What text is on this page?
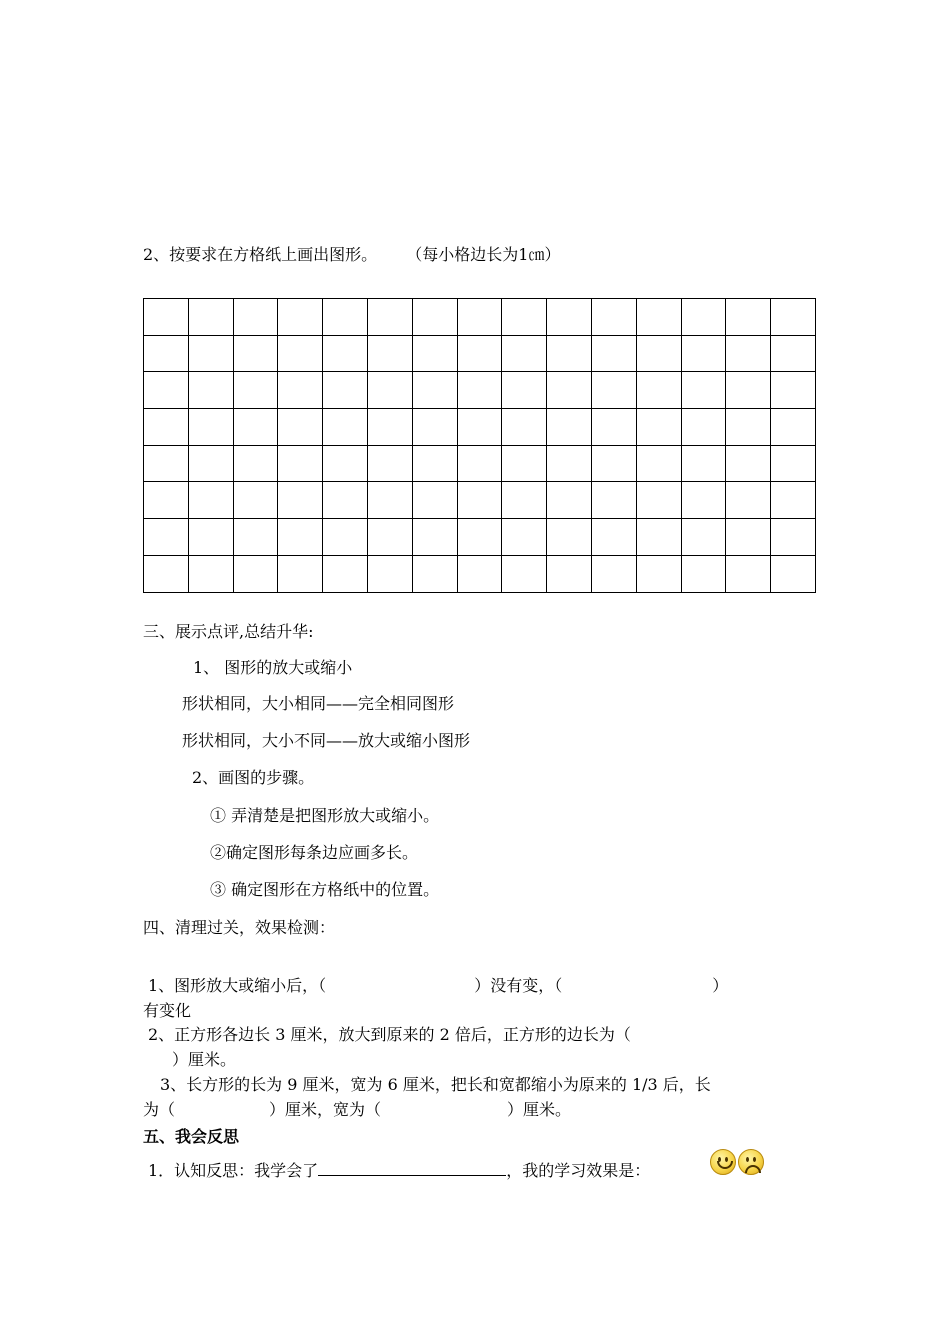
2、按要求在方格纸上画出图形。 （每小格边长为1㎝）

三、展示点评,总结升华:
1、 图形的放大或缩小
形状相同，大小相同——完全相同图形
形状相同，大小不同——放大或缩小图形
2、画图的步骤。
① 弄清楚是把图形放大或缩小。
②确定图形每条边应画多长。
③ 确定图形在方格纸中的位置。
四、清理过关，效果检测：
1、图形放大或缩小后，（	）没有变，（	）
有变化
2、正方形各边长 3 厘米，放大到原来的 2 倍后，正方形的边长为（
）厘米。
3、长方形的长为 9 厘米，宽为 6 厘米，把长和宽都缩小为原来的 1/3 后，长
为（	）厘米，宽为（	）厘米。
五、我会反思
1．认知反思：我学会了	，我的学习效果是：
